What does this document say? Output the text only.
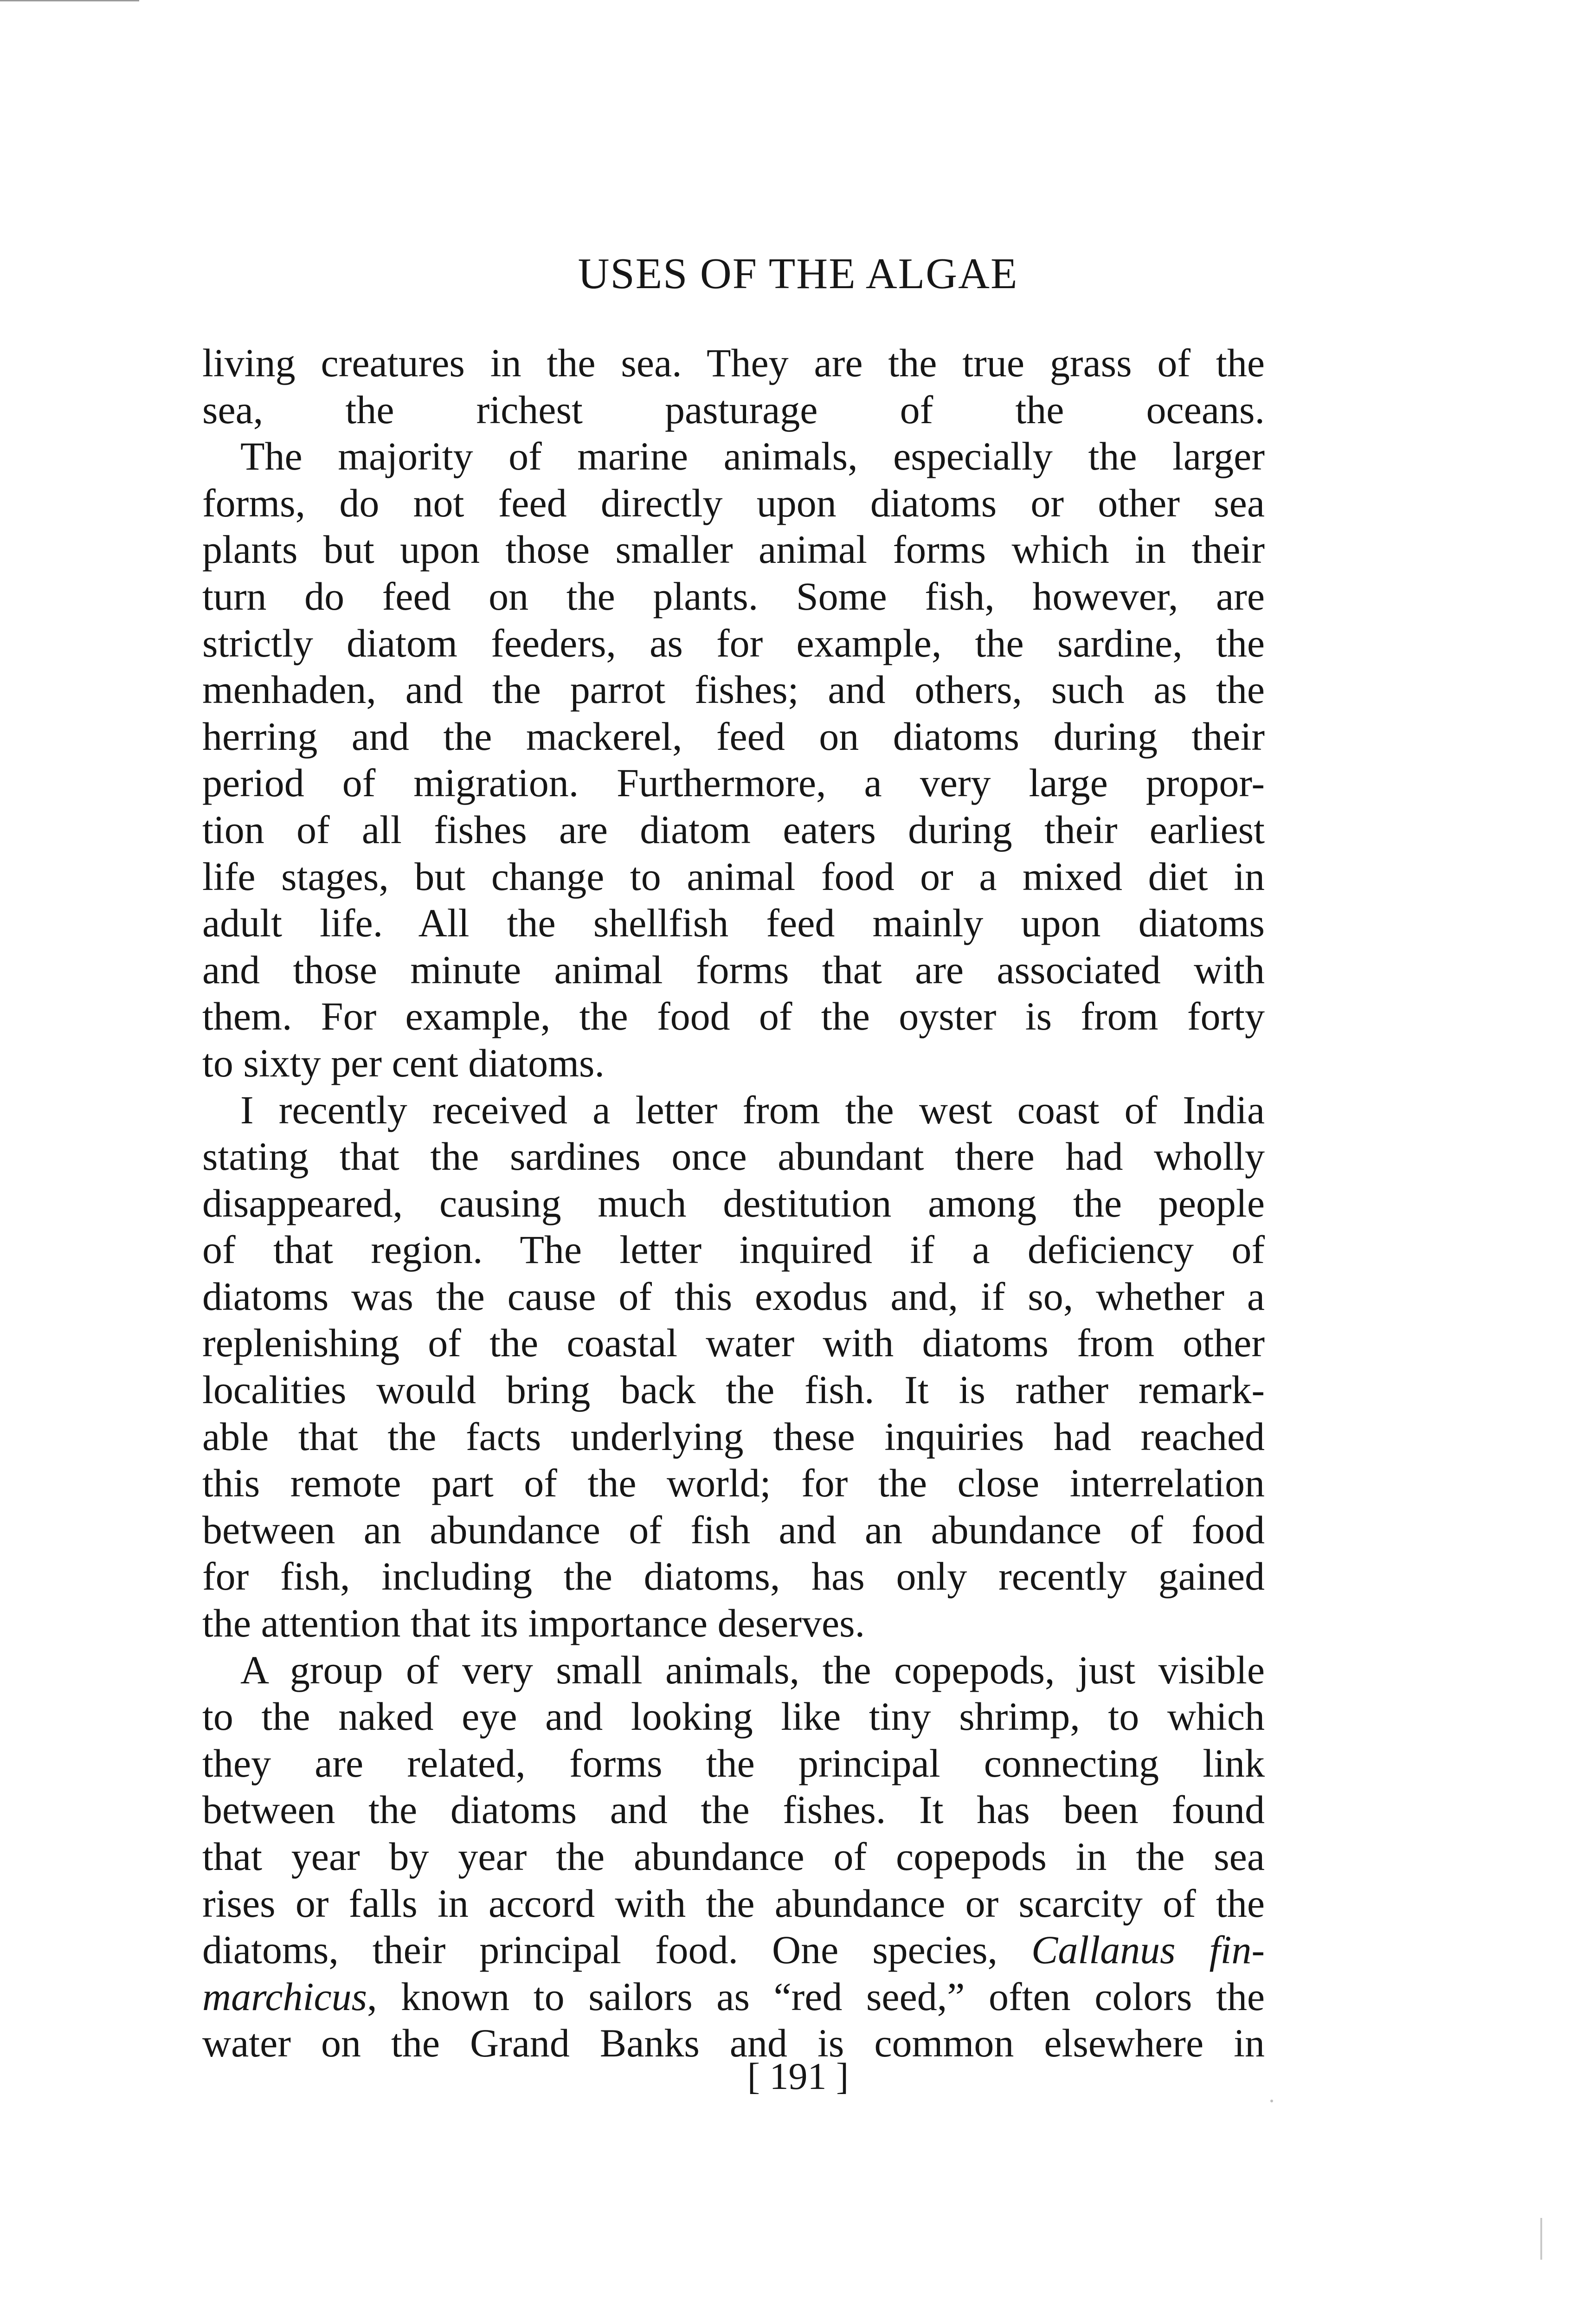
USES OF THE ALGAE
living creatures in the sea. They are the true grass of the
sea, the richest pasturage of the oceans.
The majority of marine animals, especially the larger
forms, do not feed directly upon diatoms or other sea
plants but upon those smaller animal forms which in their
turn do feed on the plants. Some fish, however, are
strictly diatom feeders, as for example, the sardine, the
menhaden, and the parrot fishes; and others, such as the
herring and the mackerel, feed on diatoms during their
period of migration. Furthermore, a very large propor-
tion of all fishes are diatom eaters during their earliest
life stages, but change to animal food or a mixed diet in
adult life. All the shellfish feed mainly upon diatoms
and those minute animal forms that are associated with
them. For example, the food of the oyster is from forty
to sixty per cent diatoms.
I recently received a letter from the west coast of India
stating that the sardines once abundant there had wholly
disappeared, causing much destitution among the people
of that region. The letter inquired if a deficiency of
diatoms was the cause of this exodus and, if so, whether a
replenishing of the coastal water with diatoms from other
localities would bring back the fish. It is rather remark-
able that the facts underlying these inquiries had reached
this remote part of the world; for the close interrelation
between an abundance of fish and an abundance of food
for fish, including the diatoms, has only recently gained
the attention that its importance deserves.
A group of very small animals, the copepods, just visible
to the naked eye and looking like tiny shrimp, to which
they are related, forms the principal connecting link
between the diatoms and the fishes. It has been found
that year by year the abundance of copepods in the sea
rises or falls in accord with the abundance or scarcity of the
diatoms, their principal food. One species, Callanus fin-
marchicus, known to sailors as “red seed,” often colors the
water on the Grand Banks and is common elsewhere in
[ 191 ]
